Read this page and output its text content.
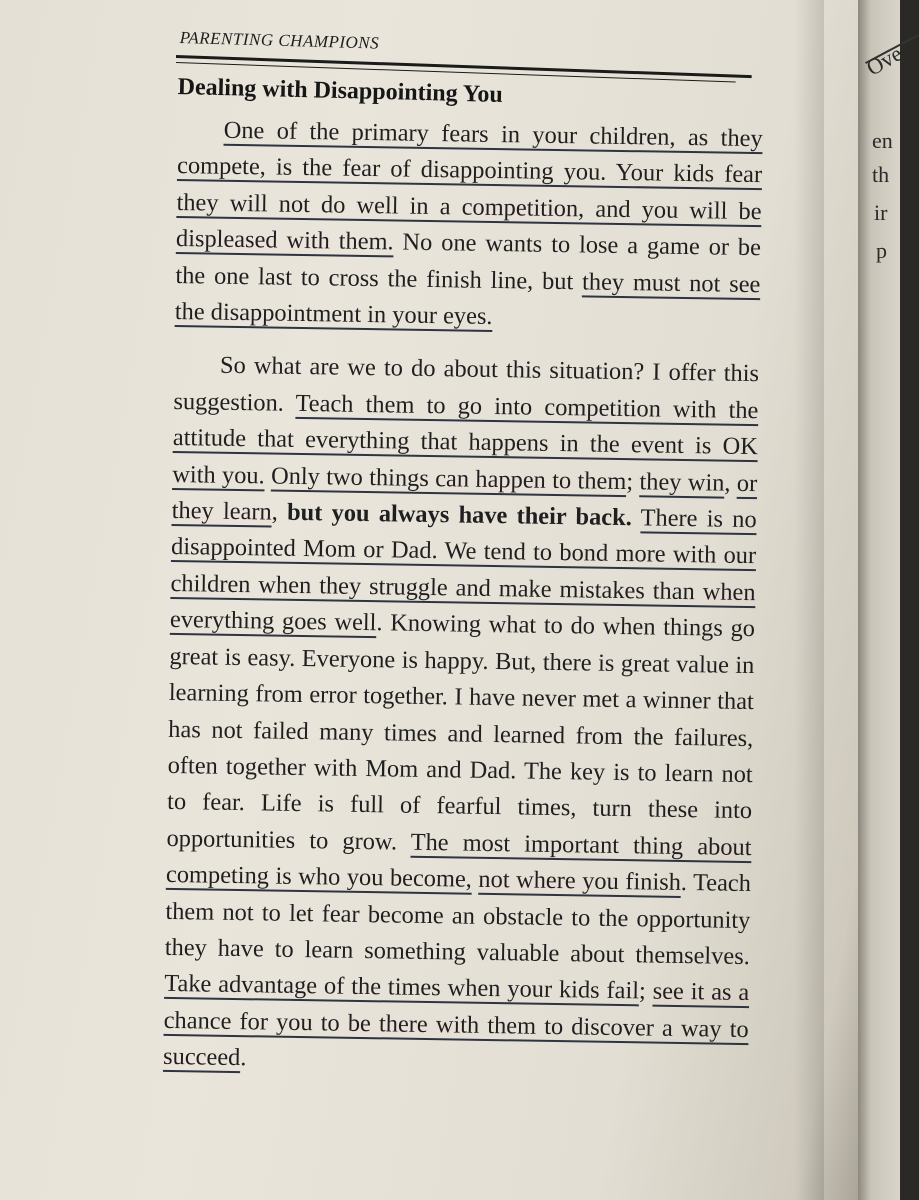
PARENTING CHAMPIONS
Dealing with Disappointing You

One of the primary fears in your children, as they compete, is the fear of disappointing you. Your kids fear they will not do well in a competition, and you will be displeased with them. No one wants to lose a game or be the one last to cross the finish line, but they must not see the disappointment in your eyes.

So what are we to do about this situation? I offer this suggestion. Teach them to go into competition with the attitude that everything that happens in the event is OK with you. Only two things can happen to them; they win, or they learn, but you always have their back. There is no disappointed Mom or Dad. We tend to bond more with our children when they struggle and make mistakes than when everything goes well. Knowing what to do when things go great is easy. Everyone is happy. But, there is great value in learning from error together. I have never met a winner that has not failed many times and learned from the failures, often together with Mom and Dad. The key is to learn not to fear. Life is full of fearful times, turn these into opportunities to grow. The most important thing about competing is who you become, not where you finish. Teach them not to let fear become an obstacle to the opportunity they have to learn something valuable about themselves. Take advantage of the times when your kids fail; see it as a chance for you to be there with them to discover a way to succeed.

Ove
en
th
ir
p
